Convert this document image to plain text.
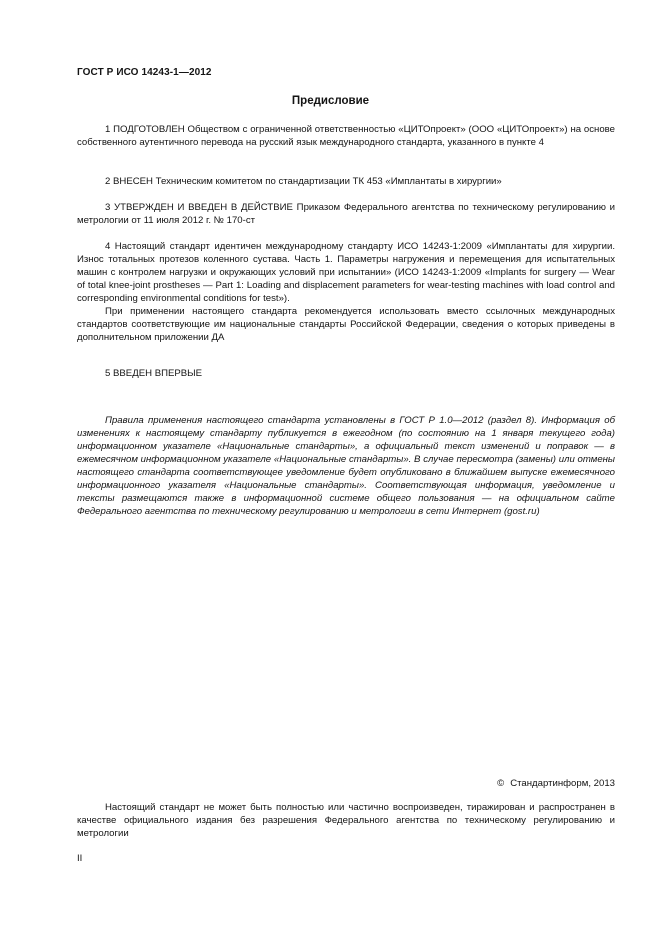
ГОСТ Р ИСО 14243-1—2012
Предисловие

1 ПОДГОТОВЛЕН Обществом с ограниченной ответственностью «ЦИТОпроект» (ООО «ЦИТОпроект») на основе собственного аутентичного перевода на русский язык международного стандарта, указанного в пункте 4

2 ВНЕСЕН Техническим комитетом по стандартизации ТК 453 «Имплантаты в хирургии»

3 УТВЕРЖДЕН И ВВЕДЕН В ДЕЙСТВИЕ Приказом Федерального агентства по техническому регулированию и метрологии от 11 июля 2012 г. № 170-ст

4 Настоящий стандарт идентичен международному стандарту ИСО 14243-1:2009 «Имплантаты для хирургии. Износ тотальных протезов коленного сустава. Часть 1. Параметры нагружения и перемещения для испытательных машин с контролем нагрузки и окружающих условий при испытании» (ИСО 14243-1:2009 «Implants for surgery — Wear of total knee-joint prostheses — Part 1: Loading and displacement parameters for wear-testing machines with load control and corresponding environmental conditions for test»).

При применении настоящего стандарта рекомендуется использовать вместо ссылочных международных стандартов соответствующие им национальные стандарты Российской Федерации, сведения о которых приведены в дополнительном приложении ДА

5 ВВЕДЕН ВПЕРВЫЕ

Правила применения настоящего стандарта установлены в ГОСТ Р 1.0—2012 (раздел 8). Информация об изменениях к настоящему стандарту публикуется в ежегодном (по состоянию на 1 января текущего года) информационном указателе «Национальные стандарты», а официальный текст изменений и поправок — в ежемесячном информационном указателе «Национальные стандарты». В случае пересмотра (замены) или отмены настоящего стандарта соответствующее уведомление будет опубликовано в ближайшем выпуске ежемесячного информационного указателя «Национальные стандарты». Соответствующая информация, уведомление и тексты размещаются также в информационной системе общего пользования — на официальном сайте Федерального агентства по техническому регулированию и метрологии в сети Интернет (gost.ru)

© Стандартинформ, 2013

Настоящий стандарт не может быть полностью или частично воспроизведен, тиражирован и распространен в качестве официального издания без разрешения Федерального агентства по техническому регулированию и метрологии

II
